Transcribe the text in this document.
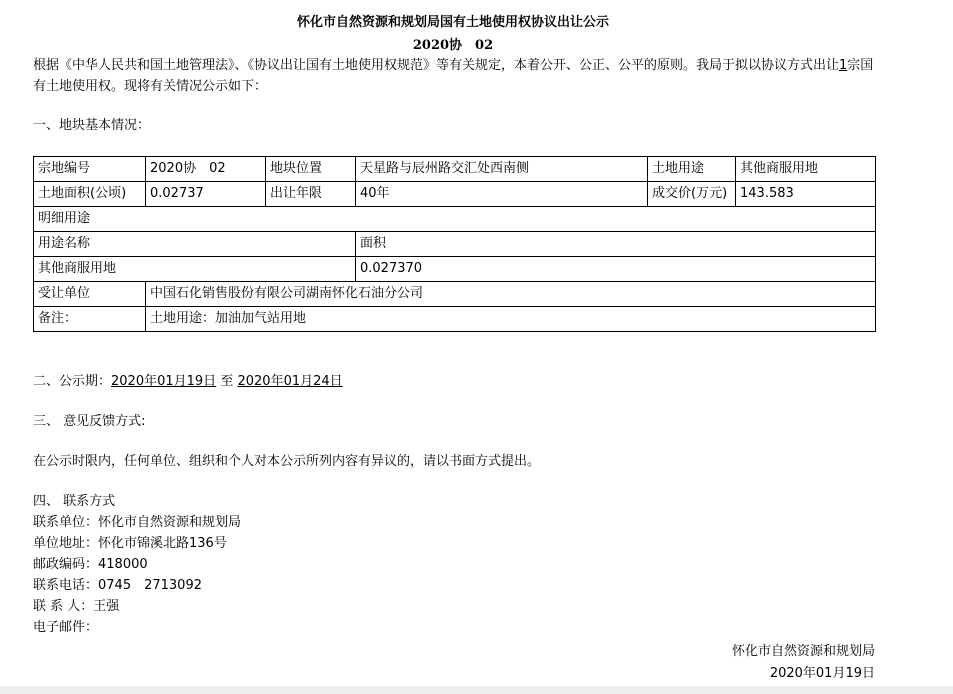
怀化市自然资源和规划局国有土地使用权协议出让公示
2020协　02
根据《中华人民共和国土地管理法》、《协议出让国有土地使用权规范》等有关规定，本着公开、公正、公平的原则。我局于拟以协议方式出让1宗国有土地使用权。现将有关情况公示如下：
一、地块基本情况：
宗地编号	2020协　02	地块位置	天星路与辰州路交汇处西南侧	土地用途	其他商服用地
土地面积(公顷)	0.02737	出让年限	40年	成交价(万元)	143.583
明细用途					
用途名称			面积		
其他商服用地			0.027370		
受让单位	中国石化销售股份有限公司湖南怀化石油分公司				
备注：	土地用途：加油加气站用地				
二、公示期：2020年01月19日 至 2020年01月24日
三、 意见反馈方式:
在公示时限内，任何单位、组织和个人对本公示所列内容有异议的，请以书面方式提出。
四、 联系方式
联系单位：怀化市自然资源和规划局
单位地址：怀化市锦溪北路136号
邮政编码：418000
联系电话：0745　2713092
联 系 人：王强
电子邮件：
怀化市自然资源和规划局
2020年01月19日
